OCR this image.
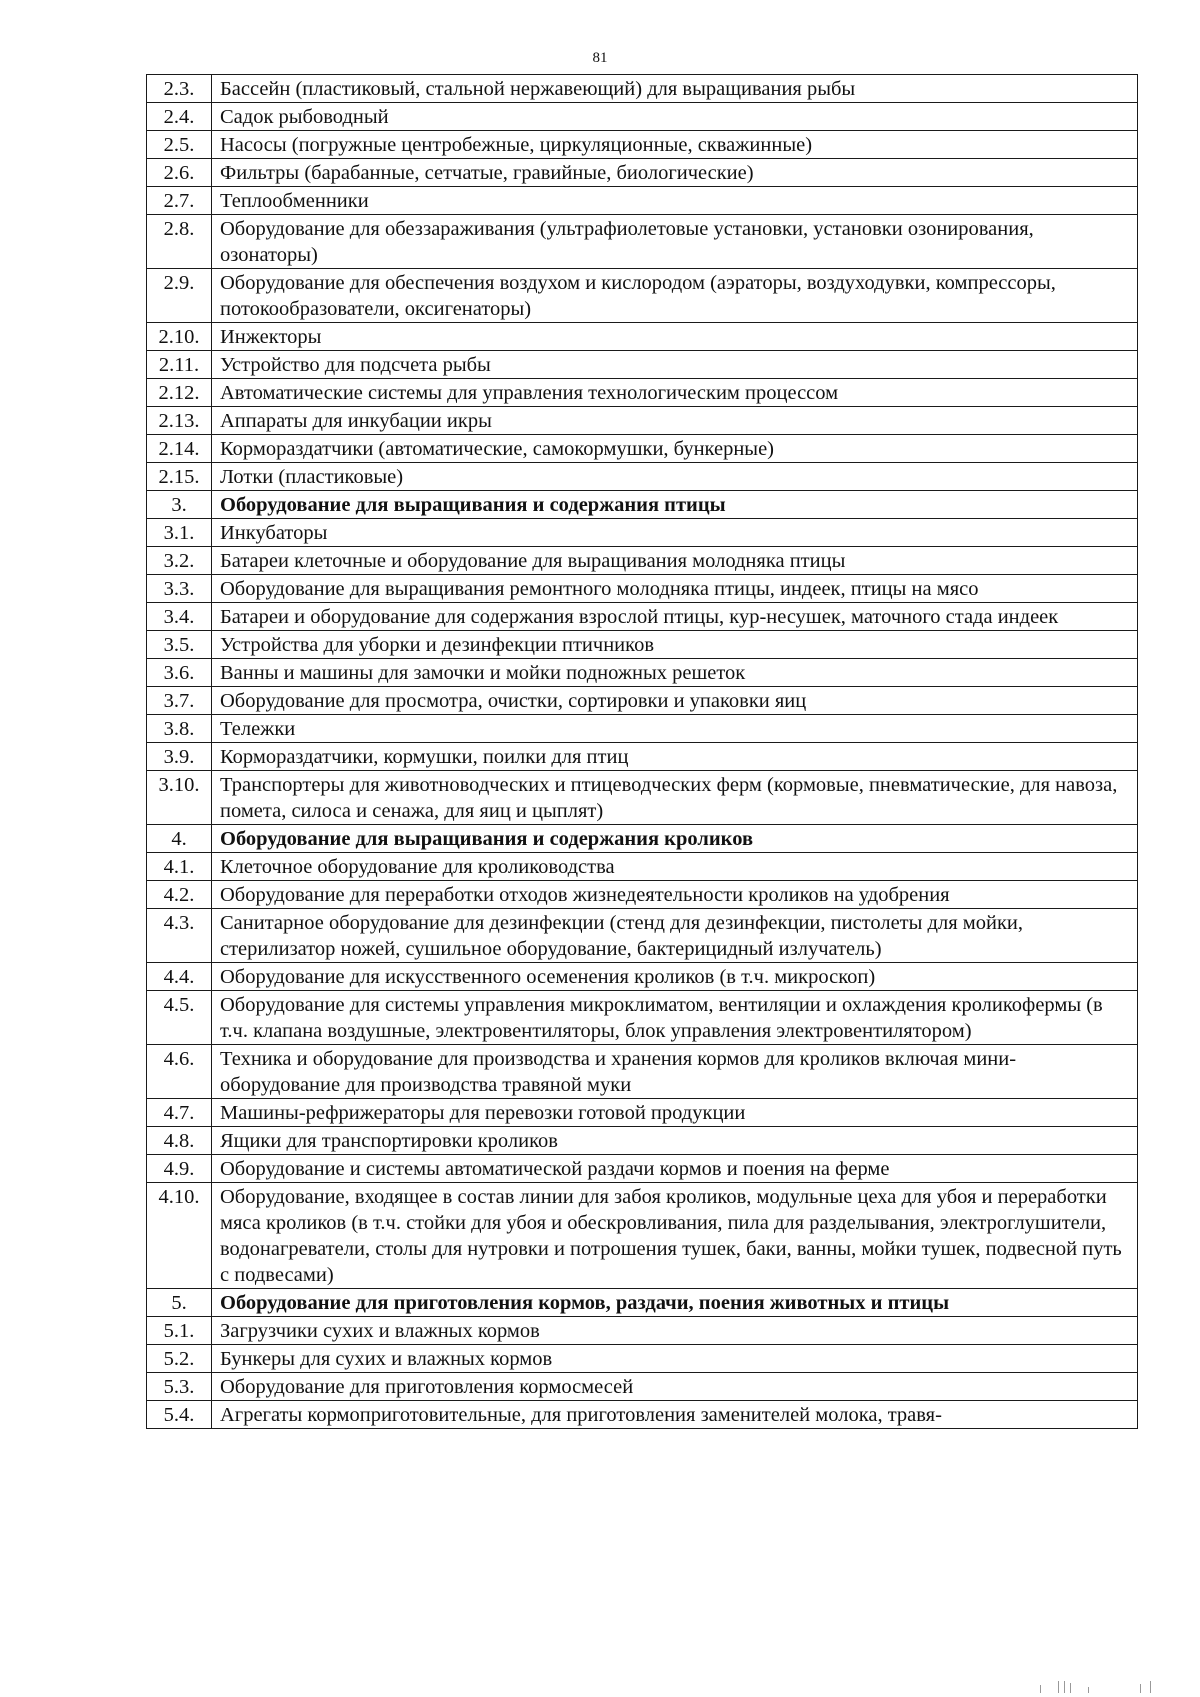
81
2.3.	Бассейн (пластиковый, стальной нержавеющий) для выращивания рыбы
2.4.	Садок рыбоводный
2.5.	Насосы (погружные центробежные, циркуляционные, скважинные)
2.6.	Фильтры (барабанные, сетчатые, гравийные, биологические)
2.7.	Теплообменники
2.8.	Оборудование для обеззараживания (ультрафиолетовые установки, установки озонирования, озонаторы)
2.9.	Оборудование для обеспечения воздухом и кислородом (аэраторы, воздуходувки, компрессоры, потокообразователи, оксигенаторы)
2.10.	Инжекторы
2.11.	Устройство для подсчета рыбы
2.12.	Автоматические системы для управления технологическим процессом
2.13.	Аппараты для инкубации икры
2.14.	Кормораздатчики (автоматические, самокормушки, бункерные)
2.15.	Лотки (пластиковые)
3.	Оборудование для выращивания и содержания птицы
3.1.	Инкубаторы
3.2.	Батареи клеточные и оборудование для выращивания молодняка птицы
3.3.	Оборудование для выращивания ремонтного молодняка птицы, индеек, птицы на мясо
3.4.	Батареи и оборудование для содержания взрослой птицы, кур-несушек, маточного стада индеек
3.5.	Устройства для уборки и дезинфекции птичников
3.6.	Ванны и машины для замочки и мойки подножных решеток
3.7.	Оборудование для просмотра, очистки, сортировки и упаковки яиц
3.8.	Тележки
3.9.	Кормораздатчики, кормушки, поилки для птиц
3.10.	Транспортеры для животноводческих и птицеводческих ферм (кормовые, пневматические, для навоза, помета, силоса и сенажа, для яиц и цыплят)
4.	Оборудование для выращивания и содержания кроликов
4.1.	Клеточное оборудование для кролиководства
4.2.	Оборудование для переработки отходов жизнедеятельности кроликов на удобрения
4.3.	Санитарное оборудование для дезинфекции (стенд для дезинфекции, пистолеты для мойки, стерилизатор ножей, сушильное оборудование, бактерицидный излучатель)
4.4.	Оборудование для искусственного осеменения кроликов (в т.ч. микроскоп)
4.5.	Оборудование для системы управления микроклиматом, вентиляции и охлаждения кроликофермы (в т.ч. клапана воздушные, электровентиляторы, блок управления электровентилятором)
4.6.	Техника и оборудование для производства и хранения кормов для кроликов включая мини-оборудование для производства травяной муки
4.7.	Машины-рефрижераторы для перевозки готовой продукции
4.8.	Ящики для транспортировки кроликов
4.9.	Оборудование и системы автоматической раздачи кормов и поения на ферме
4.10.	Оборудование, входящее в состав линии для забоя кроликов, модульные цеха для убоя и переработки мяса кроликов (в т.ч. стойки для убоя и обескровливания, пила для разделывания, электроглушители, водонагреватели, столы для нутровки и потрошения тушек, баки, ванны, мойки тушек, подвесной путь с подвесами)
5.	Оборудование для приготовления кормов, раздачи, поения животных и птицы
5.1.	Загрузчики сухих и влажных кормов
5.2.	Бункеры для сухих и влажных кормов
5.3.	Оборудование для приготовления кормосмесей
5.4.	Агрегаты кормоприготовительные, для приготовления заменителей молока, травя-
